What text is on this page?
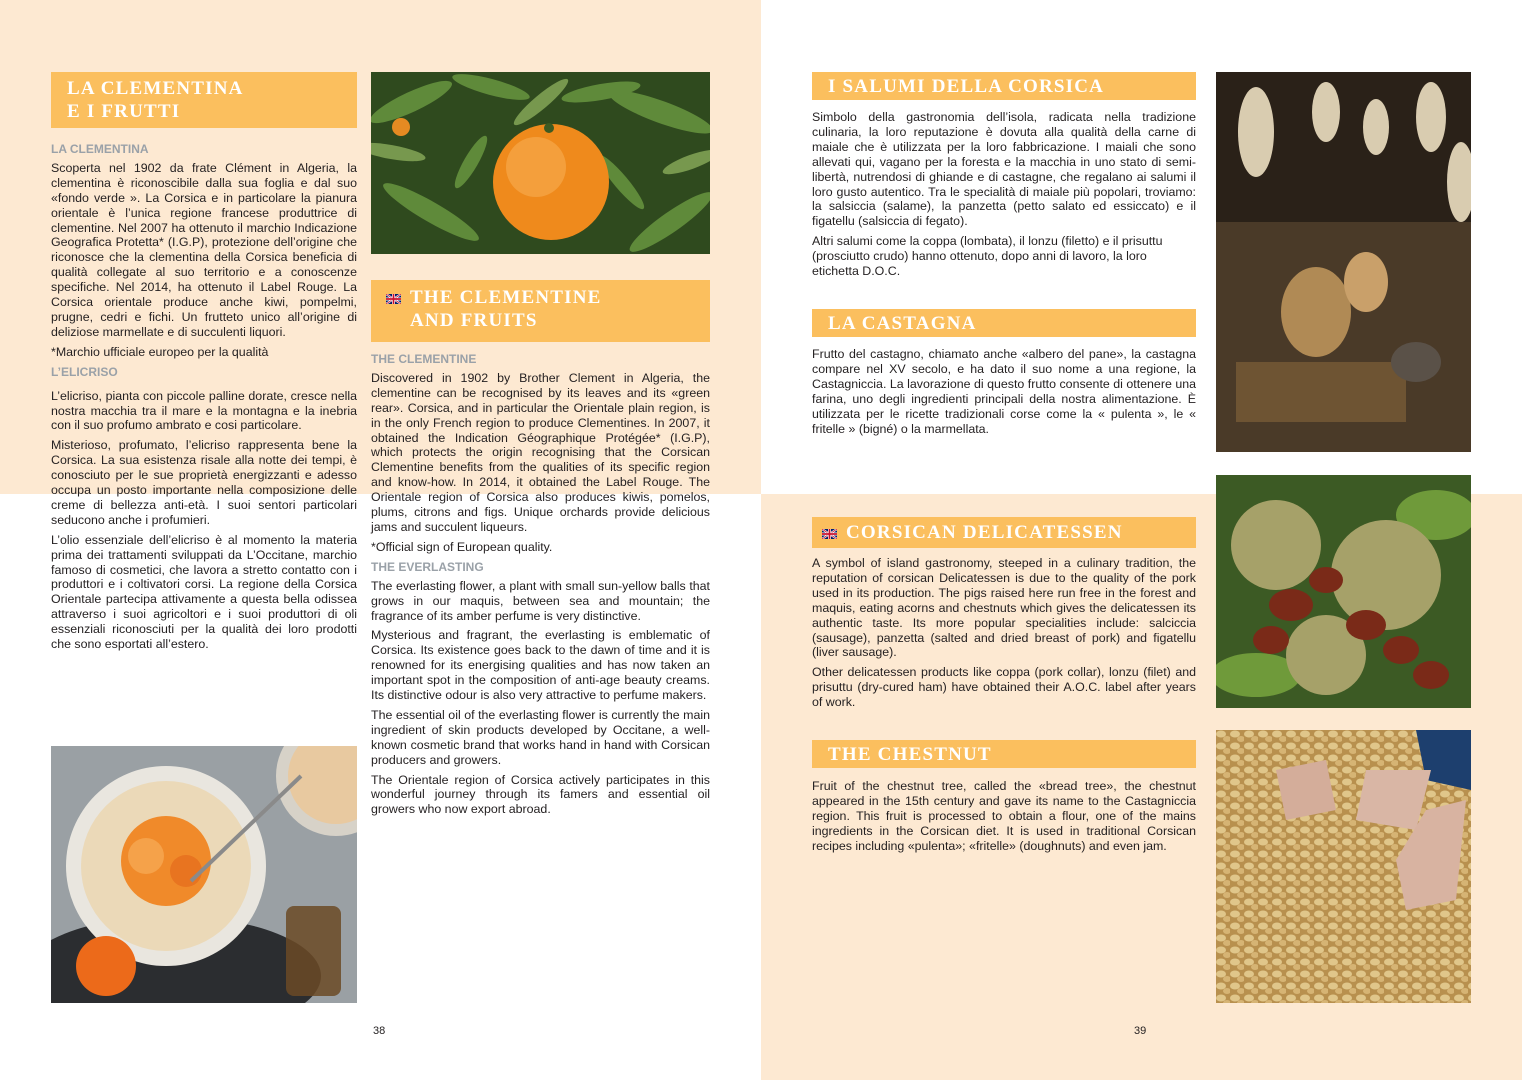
LA CLEMENTINA
E I FRUTTI
LA CLEMENTINA

Scoperta nel 1902 da frate Clément in Algeria, la clementina è riconoscibile dalla sua foglia e dal suo «fondo verde ». La Corsica e in particolare la pianura orientale è l’unica regione francese produttrice di clementine. Nel 2007 ha ottenuto il marchio Indicazione Geografica Protetta* (I.G.P), protezione dell’origine che riconosce che la clementina della Corsica beneficia di qualità collegate al suo territorio e a conoscenze specifiche. Nel 2014, ha ottenuto il Label Rouge. La Corsica orientale produce anche kiwi, pompelmi, prugne, cedri e fichi. Un frutteto unico all’origine di deliziose marmellate e di succulenti liquori.

*Marchio ufficiale europeo per la qualità

L’ELICRISO

L’elicriso, pianta con piccole palline dorate, cresce nella nostra macchia tra il mare e la montagna e la inebria con il suo profumo ambrato e cosi particolare.

Misterioso, profumato, l’elicriso rappresenta bene la Corsica. La sua esistenza risale alla notte dei tempi, è conosciuto per le sue proprietà energizzanti e adesso occupa un posto importante nella composizione delle creme di bellezza anti-età. I suoi sentori particolari seducono anche i profumieri.

L’olio essenziale dell’elicriso è al momento la materia prima dei trattamenti sviluppati da L’Occitane, marchio famoso di cosmetici, che lavora a stretto contatto con i produttori e i coltivatori corsi. La regione della Corsica Orientale partecipa attivamente a questa bella odissea attraverso i suoi agricoltori e i suoi produttori di oli essenziali riconosciuti per la qualità dei loro prodotti che sono esportati all’estero.

THE CLEMENTINE
AND FRUITS
THE CLEMENTINE

Discovered in 1902 by Brother Clement in Algeria, the clementine can be recognised by its leaves and its «green rear». Corsica, and in particular the Orientale plain region, is in the only French region to produce Clementines. In 2007, it obtained the Indication Géographique Protégée* (I.G.P), which protects the origin recognising that the Corsican Clementine benefits from the qualities of its specific region and know-how. In 2014, it obtained the Label Rouge. The Orientale region of Corsica also produces kiwis, pomelos, plums, citrons and figs. Unique orchards provide delicious jams and succulent liqueurs.

*Official sign of European quality.

THE EVERLASTING

The everlasting flower, a plant with small sun-yellow balls that grows in our maquis, between sea and mountain; the fragrance of its amber perfume is very distinctive.

Mysterious and fragrant, the everlasting is emblematic of Corsica. Its existence goes back to the dawn of time and it is renowned for its energising qualities and has now taken an important spot in the composition of anti-age beauty creams. Its distinctive odour is also very attractive to perfume makers.

The essential oil of the everlasting flower is currently the main ingredient of skin products developed by Occitane, a well-known cosmetic brand that works hand in hand with Corsican producers and growers.

The Orientale region of Corsica actively participates in this wonderful journey through its famers and essential oil growers who now export abroad.

38
I SALUMI DELLA CORSICA

Simbolo della gastronomia dell’isola, radicata nella tradizione culinaria, la loro reputazione è dovuta alla qualità della carne di maiale che è utilizzata per la loro fabbricazione. I maiali che sono allevati qui, vagano per la foresta e la macchia in uno stato di semi-libertà, nutrendosi di ghiande e di castagne, che regalano ai salumi il loro gusto autentico. Tra le specialità di maiale più popolari, troviamo: la salsiccia (salame), la panzetta (petto salato ed essiccato) e il figatellu (salsiccia di fegato).

Altri salumi come la coppa (lombata), il lonzu (filetto) e il prisuttu (prosciutto crudo) hanno ottenuto, dopo anni di lavoro, la loro etichetta D.O.C.

LA CASTAGNA

Frutto del castagno, chiamato anche «albero del pane», la castagna compare nel XV secolo, e ha dato il suo nome a una regione, la Castagniccia. La lavorazione di questo frutto consente di ottenere una farina, uno degli ingredienti principali della nostra alimentazione. È utilizzata per le ricette tradizionali corse come la « pulenta », le « fritelle » (bigné) o la marmellata.

CORSICAN DELICATESSEN

A symbol of island gastronomy, steeped in a culinary tradition, the reputation of corsican Delicatessen is due to the quality of the pork used in its production. The pigs raised here run free in the forest and maquis, eating acorns and chestnuts which gives the delicatessen its authentic taste. Its more popular specialities include: salciccia (sausage), panzetta (salted and dried breast of pork) and figatellu (liver sausage).

Other delicatessen products like coppa (pork collar), lonzu (filet) and prisuttu (dry-cured ham) have obtained their A.O.C. label after years of work.

THE CHESTNUT

Fruit of the chestnut tree, called the «bread tree», the chestnut appeared in the 15th century and gave its name to the Castagniccia region. This fruit is processed to obtain a flour, one of the mains ingredients in the Corsican diet. It is used in traditional Corsican recipes including «pulenta»; «fritelle» (doughnuts) and even jam.

39
